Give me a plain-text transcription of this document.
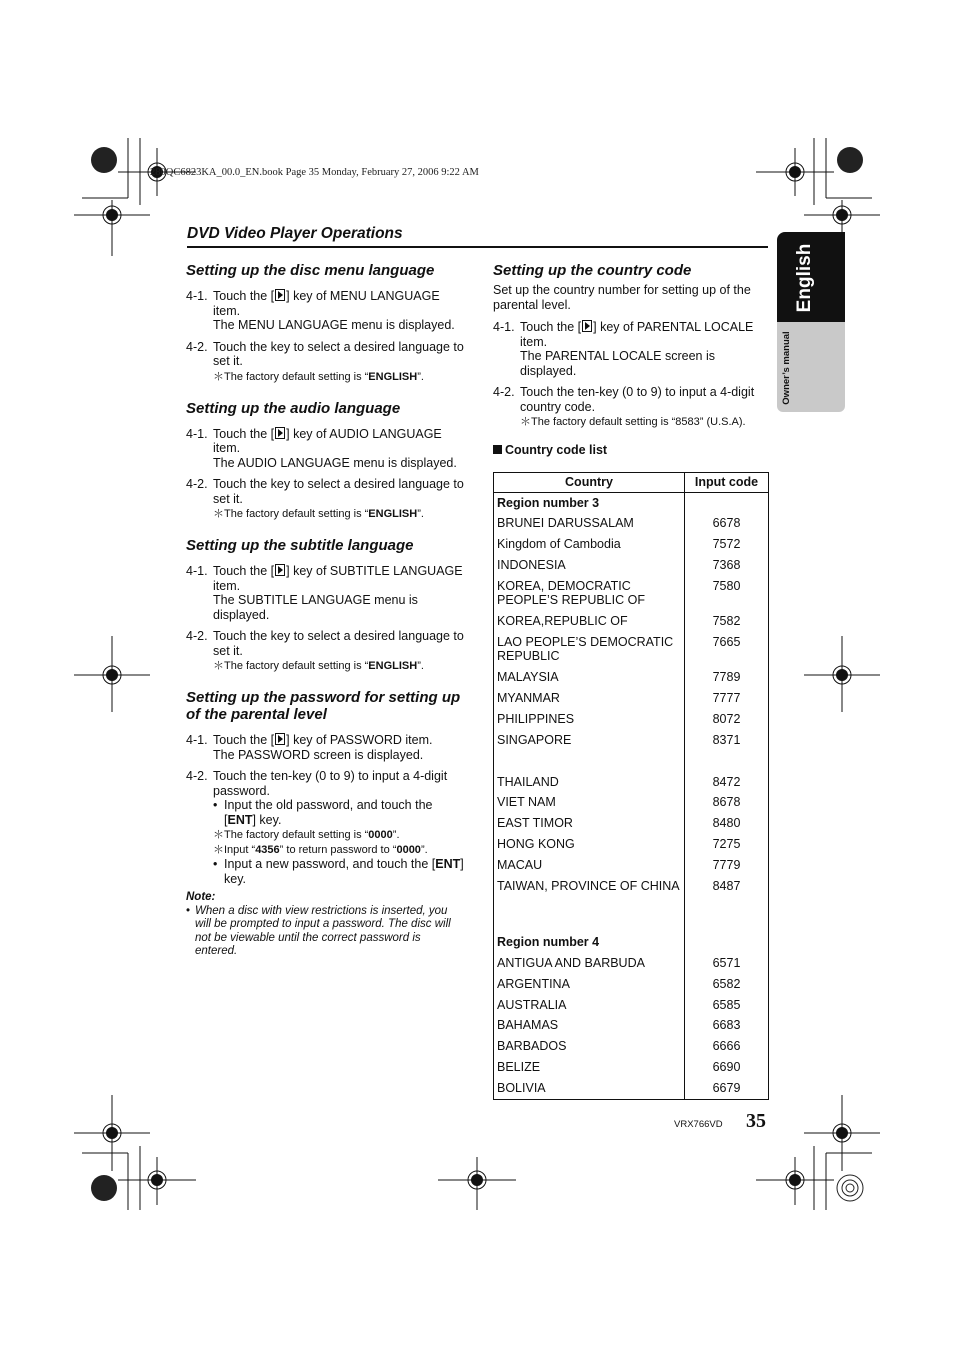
280QC6823KA_00.0_EN.book Page 35 Monday, February 27, 2006 9:22 AM
DVD Video Player Operations
English
Owner’s manual
Setting up the disc menu language
4-1. Touch the [ ] key of MENU LANGUAGE item.
The MENU LANGUAGE menu is displayed.
4-2. Touch the key to select a desired language to set it.
＊ The factory default setting is “ENGLISH”.
Setting up the audio language
4-1. Touch the [ ] key of AUDIO LANGUAGE item.
The AUDIO LANGUAGE menu is displayed.
4-2. Touch the key to select a desired language to set it.
＊ The factory default setting is “ENGLISH”.
Setting up the subtitle language
4-1. Touch the [ ] key of SUBTITLE LANGUAGE item.
The SUBTITLE LANGUAGE menu is displayed.
4-2. Touch the key to select a desired language to set it.
＊ The factory default setting is “ENGLISH”.
Setting up the password for setting up of the parental level
4-1. Touch the [ ] key of PASSWORD item.
The PASSWORD screen is displayed.
4-2. Touch the ten-key (0 to 9) to input a 4-digit password.
• Input the old password, and touch the [ENT] key.
＊ The factory default setting is “0000”.
＊ Input “4356” to return password to “0000”.
• Input a new password, and touch the [ENT] key.
Note:
• When a disc with view restrictions is inserted, you will be prompted to input a password. The disc will not be viewable until the correct password is entered.
Setting up the country code
Set up the country number for setting up of the parental level.
4-1. Touch the [ ] key of PARENTAL LOCALE item.
The PARENTAL LOCALE screen is displayed.
4-2. Touch the ten-key (0 to 9) to input a 4-digit country code.
＊ The factory default setting is “8583” (U.S.A).
Country code list
Country	Input code
Region number 3
BRUNEI DARUSSALAM	6678
Kingdom of Cambodia	7572
INDONESIA	7368
KOREA, DEMOCRATIC PEOPLE’S REPUBLIC OF
7580
KOREA,REPUBLIC OF	7582
LAO PEOPLE’S DEMOCRATIC REPUBLIC
7665
MALAYSIA	7789
MYANMAR	7777
PHILIPPINES	8072
SINGAPORE	8371
THAILAND	8472
VIET NAM	8678
EAST TIMOR	8480
HONG KONG	7275
MACAU	7779
TAIWAN, PROVINCE OF CHINA	8487
Region number 4
ANTIGUA AND BARBUDA	6571
ARGENTINA	6582
AUSTRALIA	6585
BAHAMAS	6683
BARBADOS	6666
BELIZE	6690
BOLIVIA	6679
VRX766VD 35
